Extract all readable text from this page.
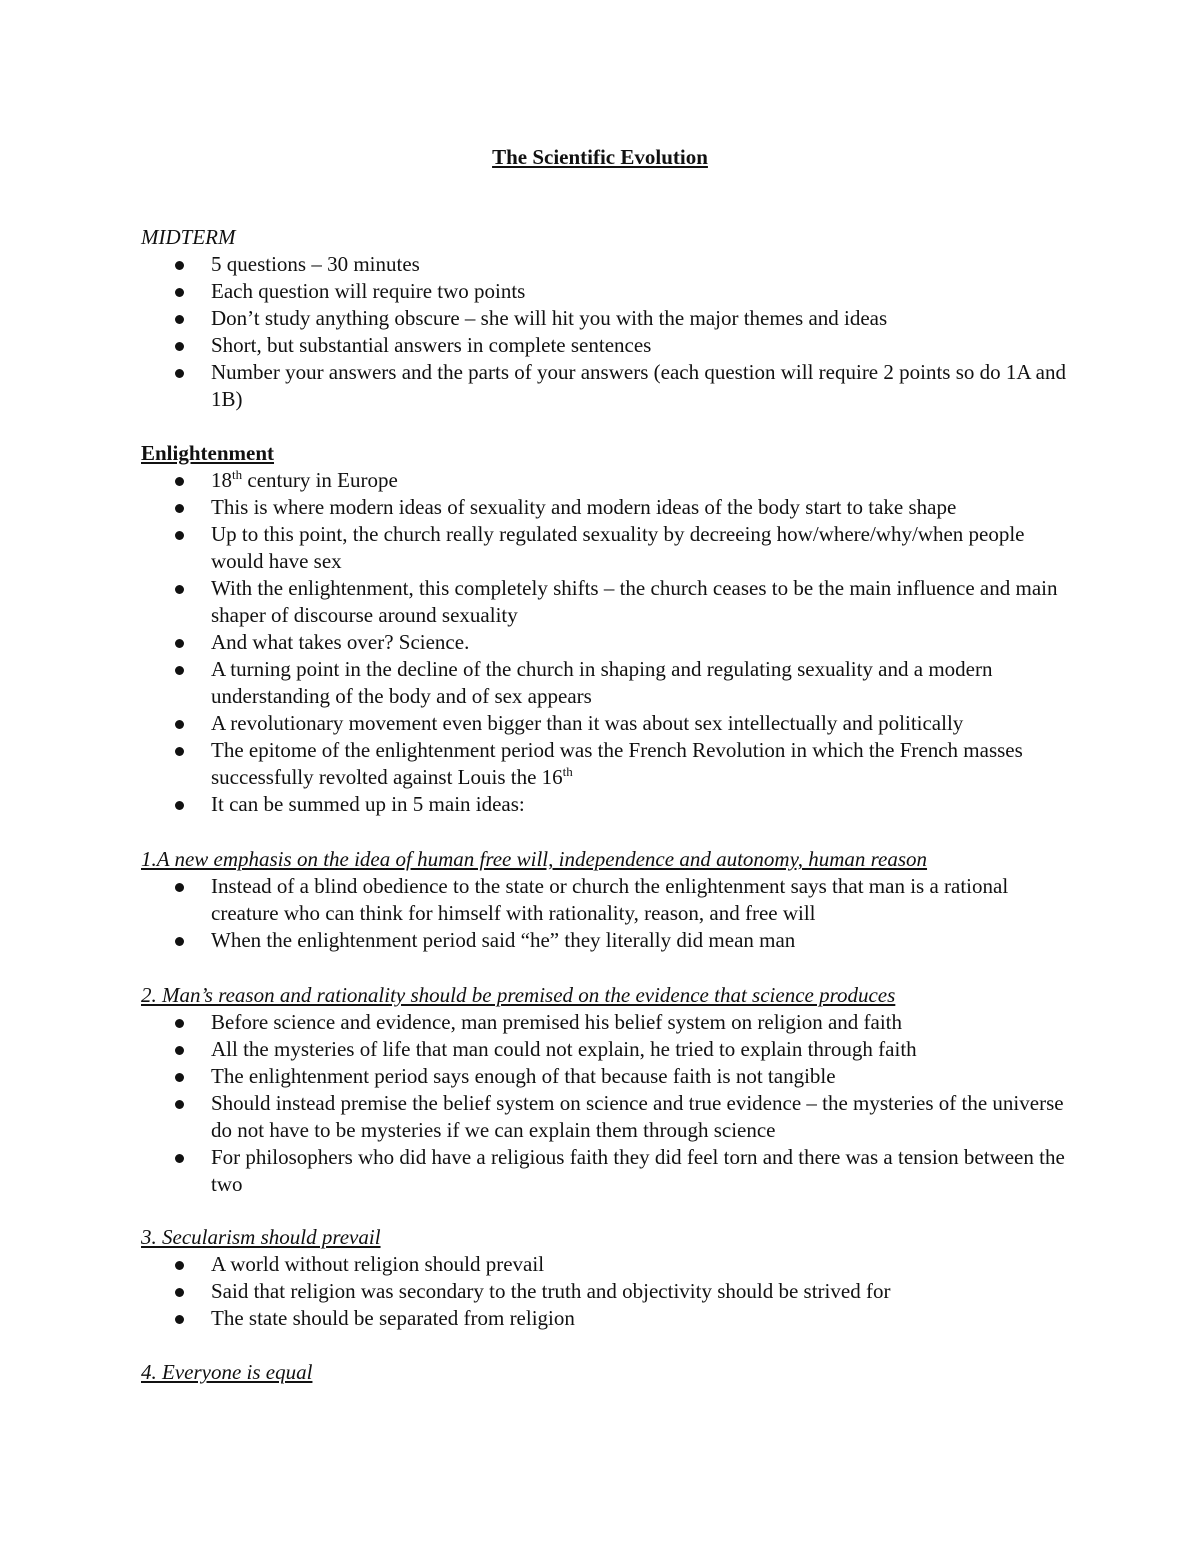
The Scientific Evolution
MIDTERM
5 questions – 30 minutes
Each question will require two points
Don’t study anything obscure – she will hit you with the major themes and ideas
Short, but substantial answers in complete sentences
Number your answers and the parts of your answers (each question will require 2 points so do 1A and 1B)
Enlightenment
18th century in Europe
This is where modern ideas of sexuality and modern ideas of the body start to take shape
Up to this point, the church really regulated sexuality by decreeing how/where/why/when people would have sex
With the enlightenment, this completely shifts – the church ceases to be the main influence and main shaper of discourse around sexuality
And what takes over? Science.
A turning point in the decline of the church in shaping and regulating sexuality and a modern understanding of the body and of sex appears
A revolutionary movement even bigger than it was about sex intellectually and politically
The epitome of the enlightenment period was the French Revolution in which the French masses successfully revolted against Louis the 16th
It can be summed up in 5 main ideas:
1.A new emphasis on the idea of human free will, independence and autonomy, human reason
Instead of a blind obedience to the state or church the enlightenment says that man is a rational creature who can think for himself with rationality, reason, and free will
When the enlightenment period said “he” they literally did mean man
2. Man’s reason and rationality should be premised on the evidence that science produces
Before science and evidence, man premised his belief system on religion and faith
All the mysteries of life that man could not explain, he tried to explain through faith
The enlightenment period says enough of that because faith is not tangible
Should instead premise the belief system on science and true evidence – the mysteries of the universe do not have to be mysteries if we can explain them through science
For philosophers who did have a religious faith they did feel torn and there was a tension between the two
3. Secularism should prevail
A world without religion should prevail
Said that religion was secondary to the truth and objectivity should be strived for
The state should be separated from religion
4. Everyone is equal
